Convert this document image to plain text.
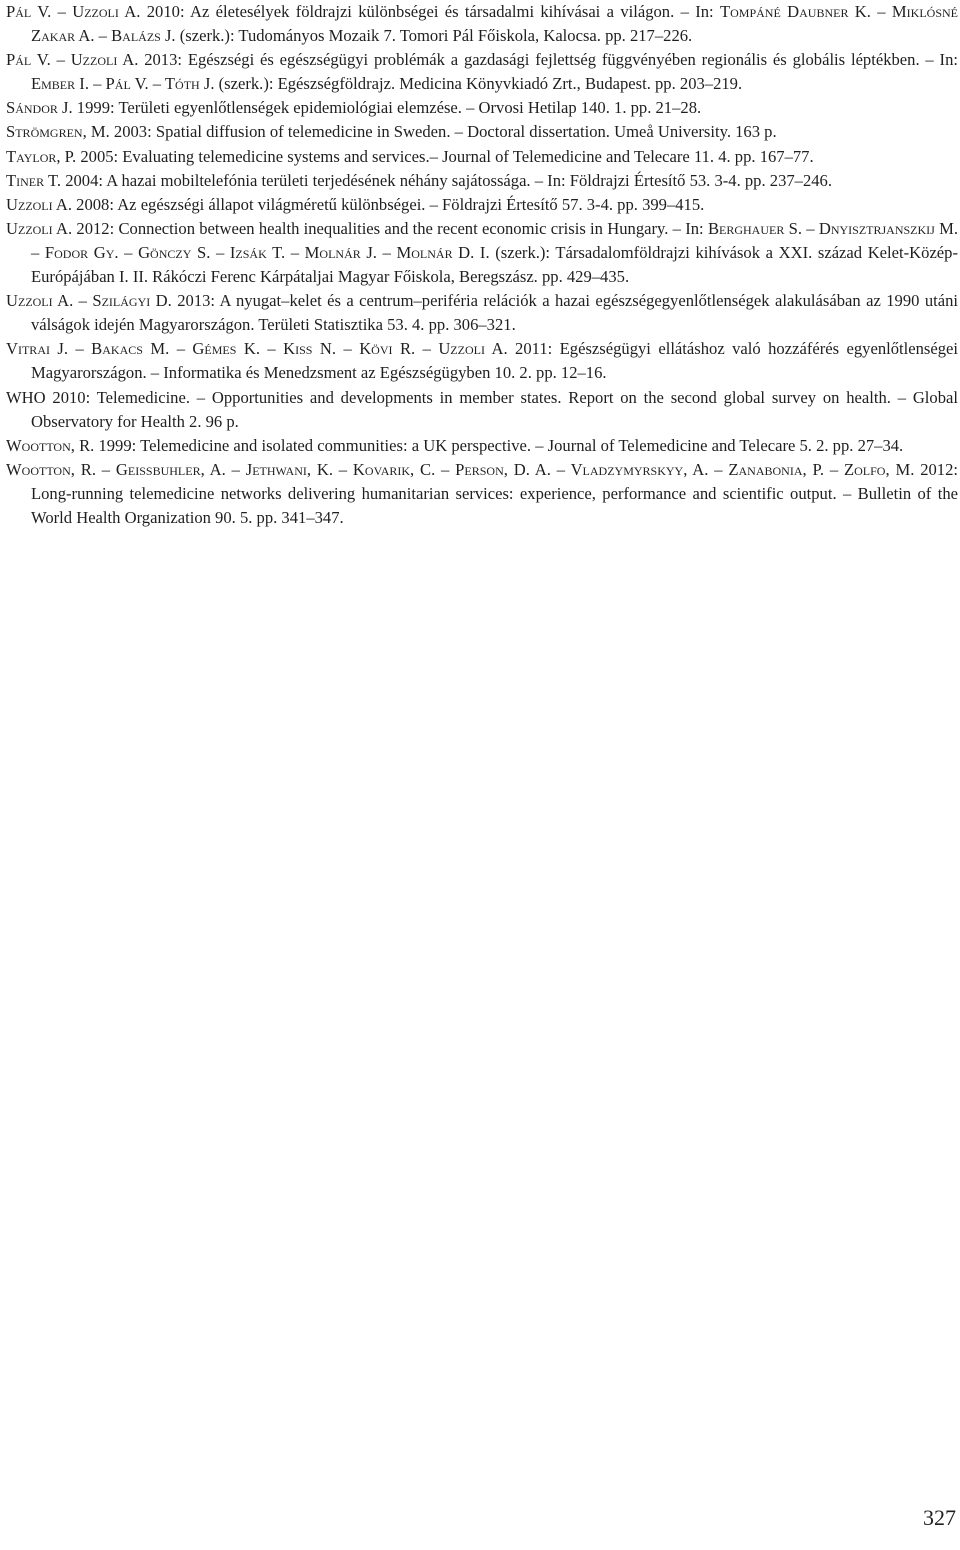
Pál V. – Uzzoli A. 2010: Az életesélyek földrajzi különbségei és társadalmi kihívásai a világon. – In: Tompáné Daubner K. – Miklósné Zakar A. – Balázs J. (szerk.): Tudományos Mozaik 7. Tomori Pál Főiskola, Kalocsa. pp. 217–226.

Pál V. – Uzzoli A. 2013: Egészségi és egészségügyi problémák a gazdasági fejlettség függvényében regionális és globális léptékben. – In: Ember I. – Pál V. – Tóth J. (szerk.): Egészségföldrajz. Medicina Könyvkiadó Zrt., Budapest. pp. 203–219.

Sándor J. 1999: Területi egyenlőtlenségek epidemiológiai elemzése. – Orvosi Hetilap 140. 1. pp. 21–28.

Strömgren, M. 2003: Spatial diffusion of telemedicine in Sweden. – Doctoral dissertation. Umeå University. 163 p.

Taylor, P. 2005: Evaluating telemedicine systems and services.– Journal of Telemedicine and Telecare 11. 4. pp. 167–77.

Tiner T. 2004: A hazai mobiltelefónia területi terjedésének néhány sajátossága. – In: Földrajzi Értesítő 53. 3-4. pp. 237–246.

Uzzoli A. 2008: Az egészségi állapot világméretű különbségei. – Földrajzi Értesítő 57. 3-4. pp. 399–415.

Uzzoli A. 2012: Connection between health inequalities and the recent economic crisis in Hungary. – In: Berghauer S. – Dnyisztrjanszkij M. – Fodor Gy. – Gönczy S. – Izsák T. – Molnár J. – Molnár D. I. (szerk.): Társadalomföldrajzi kihívások a XXI. század Kelet-Közép-Európájában I. II. Rákóczi Ferenc Kárpátaljai Magyar Főiskola, Beregszász. pp. 429–435.

Uzzoli A. – Szilágyi D. 2013: A nyugat–kelet és a centrum–periféria relációk a hazai egészségegyenlőtlenségek alakulásában az 1990 utáni válságok idején Magyarországon. Területi Statisztika 53. 4. pp. 306–321.

Vitrai J. – Bakacs M. – Gémes K. – Kiss N. – Kövi R. – Uzzoli A. 2011: Egészségügyi ellátáshoz való hozzáférés egyenlőtlenségei Magyarországon. – Informatika és Menedzsment az Egészségügyben 10. 2. pp. 12–16.

WHO 2010: Telemedicine. – Opportunities and developments in member states. Report on the second global survey on health. – Global Observatory for Health 2. 96 p.

Wootton, R. 1999: Telemedicine and isolated communities: a UK perspective. – Journal of Telemedicine and Telecare 5. 2. pp. 27–34.

Wootton, R. – Geissbuhler, A. – Jethwani, K. – Kovarik, C. – Person, D. A. – Vladzymyrskyy, A. – Zanabonia, P. – Zolfo, M. 2012: Long-running telemedicine networks delivering humanitarian services: experience, performance and scientific output. – Bulletin of the World Health Organization 90. 5. pp. 341–347.

327
